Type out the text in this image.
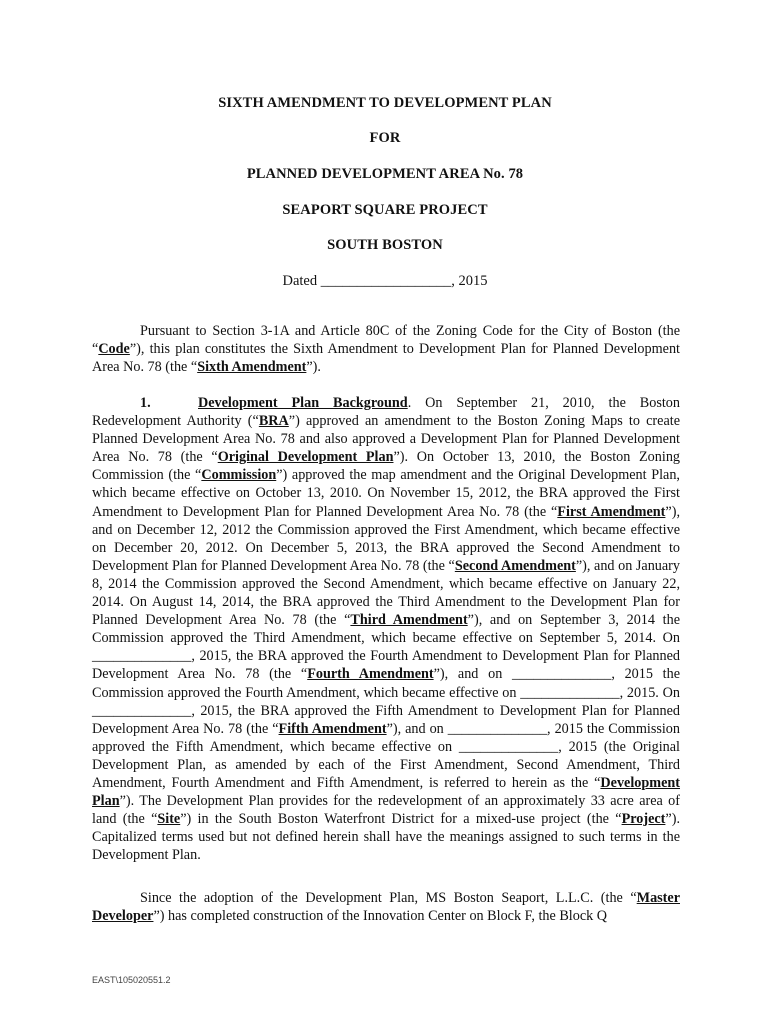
SIXTH AMENDMENT TO DEVELOPMENT PLAN
FOR
PLANNED DEVELOPMENT AREA No. 78
SEAPORT SQUARE PROJECT
SOUTH BOSTON
Dated __________________, 2015

Pursuant to Section 3-1A and Article 80C of the Zoning Code for the City of Boston (the “Code”), this plan constitutes the Sixth Amendment to Development Plan for Planned Development Area No. 78 (the “Sixth Amendment”).

1.	Development Plan Background. On September 21, 2010, the Boston Redevelopment Authority (“BRA”) approved an amendment to the Boston Zoning Maps to create Planned Development Area No. 78 and also approved a Development Plan for Planned Development Area No. 78 (the “Original Development Plan”). On October 13, 2010, the Boston Zoning Commission (the “Commission”) approved the map amendment and the Original Development Plan, which became effective on October 13, 2010. On November 15, 2012, the BRA approved the First Amendment to Development Plan for Planned Development Area No. 78 (the “First Amendment”), and on December 12, 2012 the Commission approved the First Amendment, which became effective on December 20, 2012. On December 5, 2013, the BRA approved the Second Amendment to Development Plan for Planned Development Area No. 78 (the “Second Amendment”), and on January 8, 2014 the Commission approved the Second Amendment, which became effective on January 22, 2014. On August 14, 2014, the BRA approved the Third Amendment to the Development Plan for Planned Development Area No. 78 (the “Third Amendment”), and on September 3, 2014 the Commission approved the Third Amendment, which became effective on September 5, 2014. On ______________, 2015, the BRA approved the Fourth Amendment to Development Plan for Planned Development Area No. 78 (the “Fourth Amendment”), and on ______________, 2015 the Commission approved the Fourth Amendment, which became effective on ______________, 2015. On ______________, 2015, the BRA approved the Fifth Amendment to Development Plan for Planned Development Area No. 78 (the “Fifth Amendment”), and on ______________, 2015 the Commission approved the Fifth Amendment, which became effective on ______________, 2015 (the Original Development Plan, as amended by each of the First Amendment, Second Amendment, Third Amendment, Fourth Amendment and Fifth Amendment, is referred to herein as the “Development Plan”). The Development Plan provides for the redevelopment of an approximately 33 acre area of land (the “Site”) in the South Boston Waterfront District for a mixed-use project (the “Project”). Capitalized terms used but not defined herein shall have the meanings assigned to such terms in the Development Plan.

Since the adoption of the Development Plan, MS Boston Seaport, L.L.C. (the “Master Developer”) has completed construction of the Innovation Center on Block F, the Block Q

EAST\105020551.2
